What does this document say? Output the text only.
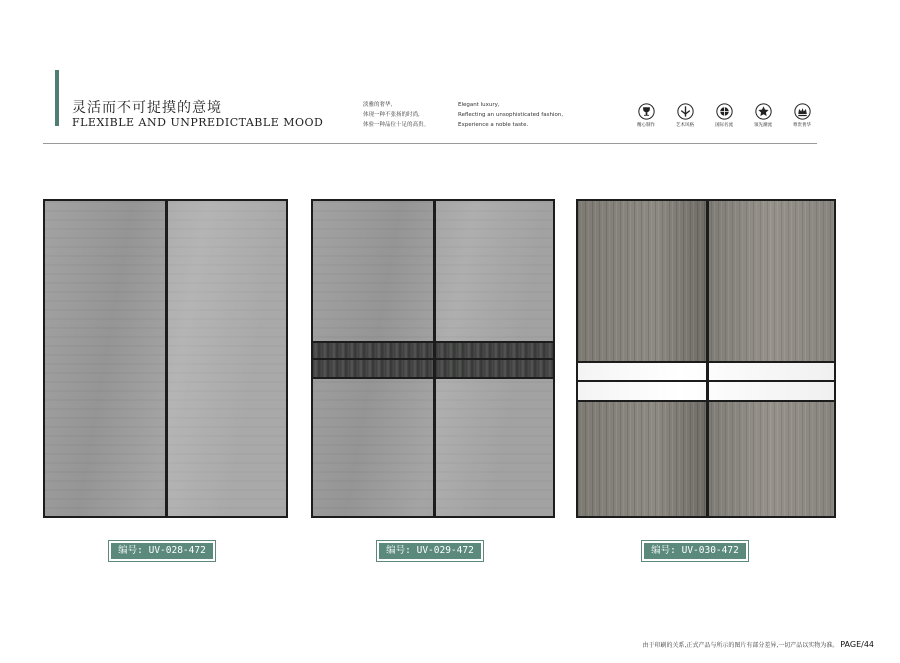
灵活而不可捉摸的意境
FLEXIBLE AND UNPREDICTABLE MOOD
淡雅的奢华,
体现一种不张扬的时尚,
体验一种品位十足的高贵。
Elegant luxury,
Reflecting an unsophisticated fashion,
Experience a noble taste.	精心制作	艺术风格	国际名流	领先潮流	尊贵奢华
编号: UV-028-472	编号: UV-029-472	编号: UV-030-472
由于印刷的关系,正式产品与所示的图片有部分差异,一切产品以实物为准。 PAGE/44
